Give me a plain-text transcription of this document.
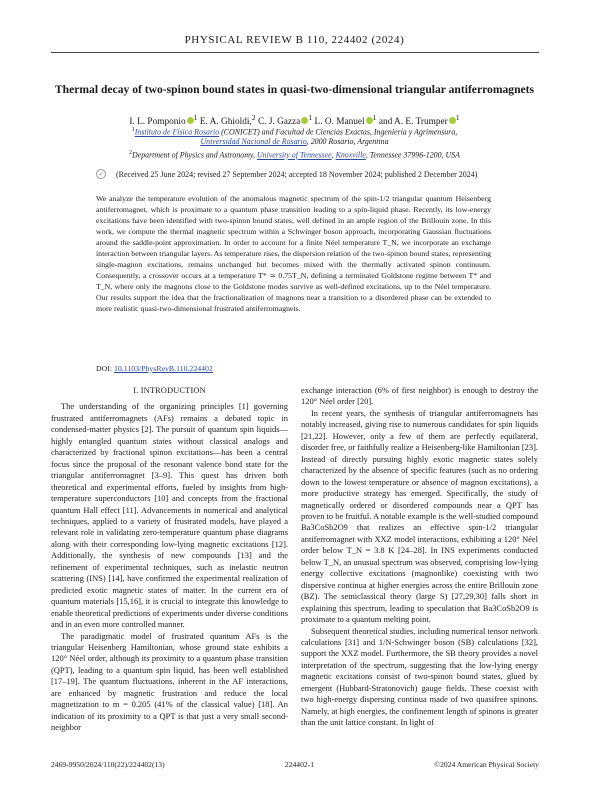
PHYSICAL REVIEW B 110, 224402 (2024)
Thermal decay of two-spinon bound states in quasi-two-dimensional triangular antiferromagnets
I. L. Pomponio $^1$ E. A. Ghioldi,$^2$ C. J. Gazza $^1$ L. O. Manuel $^1$ and A. E. Trumper $^1$
$^1$Instituto de Física Rosario (CONICET) and Facultad de Ciencias Exactas, Ingeniería y Agrimensura,
Universidad Nacional de Rosario, 2000 Rosario, Argentina
$^2$Department of Physics and Astronomy, University of Tennessee, Knoxville, Tennessee 37996-1200, USA
✓	(Received 25 June 2024; revised 27 September 2024; accepted 18 November 2024; published 2 December 2024)
We analyze the temperature evolution of the anomalous magnetic spectrum of the spin-1/2 triangular quantum Heisenberg antiferromagnet, which is proximate to a quantum phase transition leading to a spin-liquid phase. Recently, its low-energy excitations have been identified with two-spinon bound states, well defined in an ample region of the Brillouin zone. In this work, we compute the thermal magnetic spectrum within a Schwinger boson approach, incorporating Gaussian fluctuations around the saddle-point approximation. In order to account for a finite Néel temperature T_N, we incorporate an exchange interaction between triangular layers. As temperature rises, the dispersion relation of the two-spinon bound states, representing single-magnon excitations, remains unchanged but becomes mixed with the thermally activated spinon continuum. Consequently, a crossover occurs at a temperature T* ≃ 0.75T_N, defining a terminated Goldstone regime between T* and T_N, where only the magnons close to the Goldstone modes survive as well-defined excitations, up to the Néel temperature. Our results support the idea that the fractionalization of magnons near a transition to a disordered phase can be extended to more realistic quasi-two-dimensional frustrated antiferromagnets.
DOI: 10.1103/PhysRevB.110.224402
I. INTRODUCTION

The understanding of the organizing principles [1] governing frustrated antiferromagnets (AFs) remains a debated topic in condensed-matter physics [2]. The pursuit of quantum spin liquids—highly entangled quantum states without classical analogs and characterized by fractional spinon excitations—has been a central focus since the proposal of the resonant valence bond state for the triangular antiferromagnet [3–9]. This quest has driven both theoretical and experimental efforts, fueled by insights from high-temperature superconductors [10] and concepts from the fractional quantum Hall effect [11]. Advancements in numerical and analytical techniques, applied to a variety of frustrated models, have played a relevant role in validating zero-temperature quantum phase diagrams along with their corresponding low-lying magnetic excitations [12]. Additionally, the synthesis of new compounds [13] and the refinement of experimental techniques, such as inelastic neutron scattering (INS) [14], have confirmed the experimental realization of predicted exotic magnetic states of matter. In the current era of quantum materials [15,16], it is crucial to integrate this knowledge to enable theoretical predictions of experiments under diverse conditions and in an even more controlled manner.

The paradigmatic model of frustrated quantum AFs is the triangular Heisenberg Hamiltonian, whose ground state exhibits a 120° Néel order, although its proximity to a quantum phase transition (QPT), leading to a quantum spin liquid, has been well established [17–19]. The quantum fluctuations, inherent in the AF interactions, are enhanced by magnetic frustration and reduce the local magnetization to m = 0.205 (41% of the classical value) [18]. An indication of its proximity to a QPT is that just a very small second-neighbor

exchange interaction (6% of first neighbor) is enough to destroy the 120° Néel order [20].

In recent years, the synthesis of triangular antiferromagnets has notably increased, giving rise to numerous candidates for spin liquids [21,22]. However, only a few of them are perfectly equilateral, disorder free, or faithfully realize a Heisenberg-like Hamiltonian [23]. Instead of directly pursuing highly exotic magnetic states solely characterized by the absence of specific features (such as no ordering down to the lowest temperature or absence of magnon excitations), a more productive strategy has emerged. Specifically, the study of magnetically ordered or disordered compounds near a QPT has proven to be fruitful. A notable example is the well-studied compound Ba3CoSb2O9 that realizes an effective spin-1/2 triangular antiferromagnet with XXZ model interactions, exhibiting a 120° Néel order below T_N = 3.8 K [24–28]. In INS experiments conducted below T_N, an unusual spectrum was observed, comprising low-lying energy collective excitations (magnonlike) coexisting with two dispersive continua at higher energies across the entire Brillouin zone (BZ). The semiclassical theory (large S) [27,29,30] falls short in explaining this spectrum, leading to speculation that Ba3CoSb2O9 is proximate to a quantum melting point.

Subsequent theoretical studies, including numerical tensor network calculations [31] and 1/N-Schwinger boson (SB) calculations [32], support the XXZ model. Furthermore, the SB theory provides a novel interpretation of the spectrum, suggesting that the low-lying energy magnetic excitations consist of two-spinon bound states, glued by emergent (Hubbard-Stratonovich) gauge fields. These coexist with two high-energy dispersing continua made of two quasifree spinons. Namely, at high energies, the confinement length of spinons is greater than the unit lattice constant. In light of

2469-9950/2024/110(22)/224402(13)	224402-1	©2024 American Physical Society
